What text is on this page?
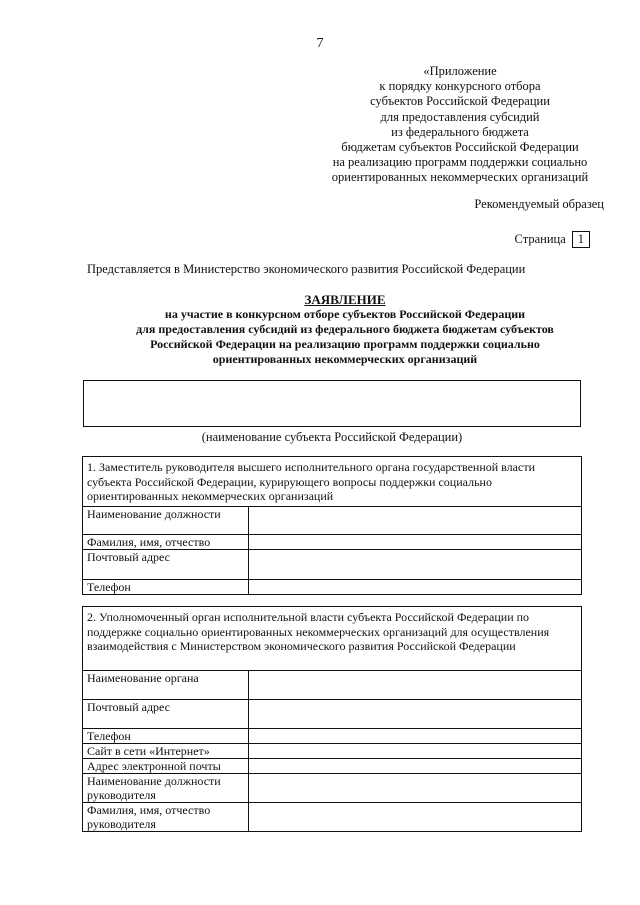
7
«Приложение
к порядку конкурсного отбора
субъектов Российской Федерации
для предоставления субсидий
из федерального бюджета
бюджетам субъектов Российской Федерации
на реализацию программ поддержки социально
ориентированных некоммерческих организаций
Рекомендуемый образец
Страница 1
Представляется в Министерство экономического развития Российской Федерации
ЗАЯВЛЕНИЕ
на участие в конкурсном отборе субъектов Российской Федерации
для предоставления субсидий из федерального бюджета бюджетам субъектов
Российской Федерации на реализацию программ поддержки социально
ориентированных некоммерческих организаций
(наименование субъекта Российской Федерации)
1. Заместитель руководителя высшего исполнительного органа государственной власти субъекта Российской Федерации, курирующего вопросы поддержки социально ориентированных некоммерческих организаций	
Наименование должности	
Фамилия, имя, отчество	
Почтовый адрес	
Телефон	
2. Уполномоченный орган исполнительной власти субъекта Российской Федерации по поддержке социально ориентированных некоммерческих организаций для осуществления взаимодействия с Министерством экономического развития Российской Федерации	
Наименование органа	
Почтовый адрес	
Телефон	
Сайт в сети «Интернет»	
Адрес электронной почты	
Наименование должности руководителя	
Фамилия, имя, отчество руководителя	
